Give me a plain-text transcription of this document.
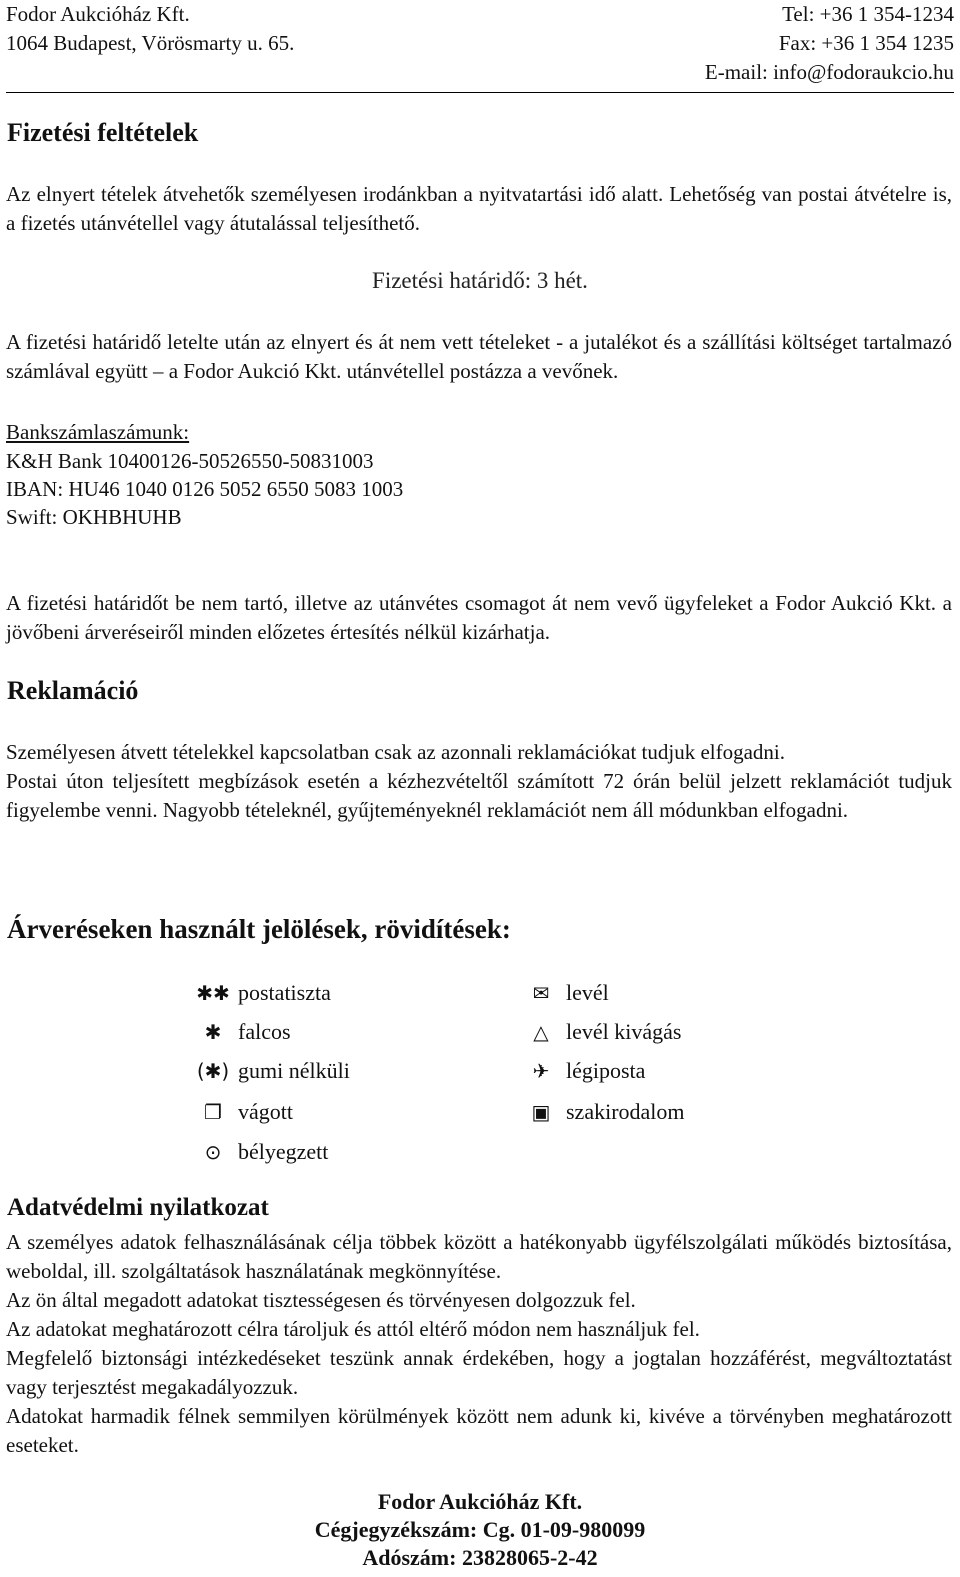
Fodor Aukcióház Kft.	Tel: +36 1 354-1234
1064 Budapest, Vörösmarty u. 65.	Fax: +36 1 354 1235
E-mail: info@fodoraukcio.hu
Fizetési feltételek

Az elnyert tételek átvehetők személyesen irodánkban a nyitvatartási idő alatt. Lehetőség van postai átvételre is, a fizetés utánvétellel vagy átutalással teljesíthető.

Fizetési határidő: 3 hét.

A fizetési határidő letelte után az elnyert és át nem vett tételeket - a jutalékot és a szállítási költséget tartalmazó számlával együtt – a Fodor Aukció Kkt. utánvétellel postázza a vevőnek.

Bankszámlaszámunk:
K&H Bank 10400126-50526550-50831003
IBAN: HU46 1040 0126 5052 6550 5083 1003
Swift: OKHBHUHB

A fizetési határidőt be nem tartó, illetve az utánvétes csomagot át nem vevő ügyfeleket a Fodor Aukció Kkt. a jövőbeni árveréseiről minden előzetes értesítés nélkül kizárhatja.

Reklamáció

Személyesen átvett tételekkel kapcsolatban csak az azonnali reklamációkat tudjuk elfogadni.

Postai úton teljesített megbízások esetén a kézhezvételtől számított 72 órán belül jelzett reklamációt tudjuk figyelembe venni. Nagyobb tételeknél, gyűjteményeknél reklamációt nem áll módunkban elfogadni.

Árveréseken használt jelölések, rövidítések:
✱✱ postatiszta
✱ falcos
(✱) gumi nélküli
❐ vágott
⊙ bélyegzett
✉ levél
△ levél kivágás
✈ légiposta
▣ szakirodalom
Adatvédelmi nyilatkozat

A személyes adatok felhasználásának célja többek között a hatékonyabb ügyfélszolgálati működés biztosítása, weboldal, ill. szolgáltatások használatának megkönnyítése.

Az ön által megadott adatokat tisztességesen és törvényesen dolgozzuk fel.

Az adatokat meghatározott célra tároljuk és attól eltérő módon nem használjuk fel.

Megfelelő biztonsági intézkedéseket teszünk annak érdekében, hogy a jogtalan hozzáférést, megváltoztatást vagy terjesztést megakadályozzuk.

Adatokat harmadik félnek semmilyen körülmények között nem adunk ki, kivéve a törvényben meghatározott eseteket.

Fodor Aukcióház Kft.
Cégjegyzékszám: Cg. 01-09-980099
Adószám: 23828065-2-42
